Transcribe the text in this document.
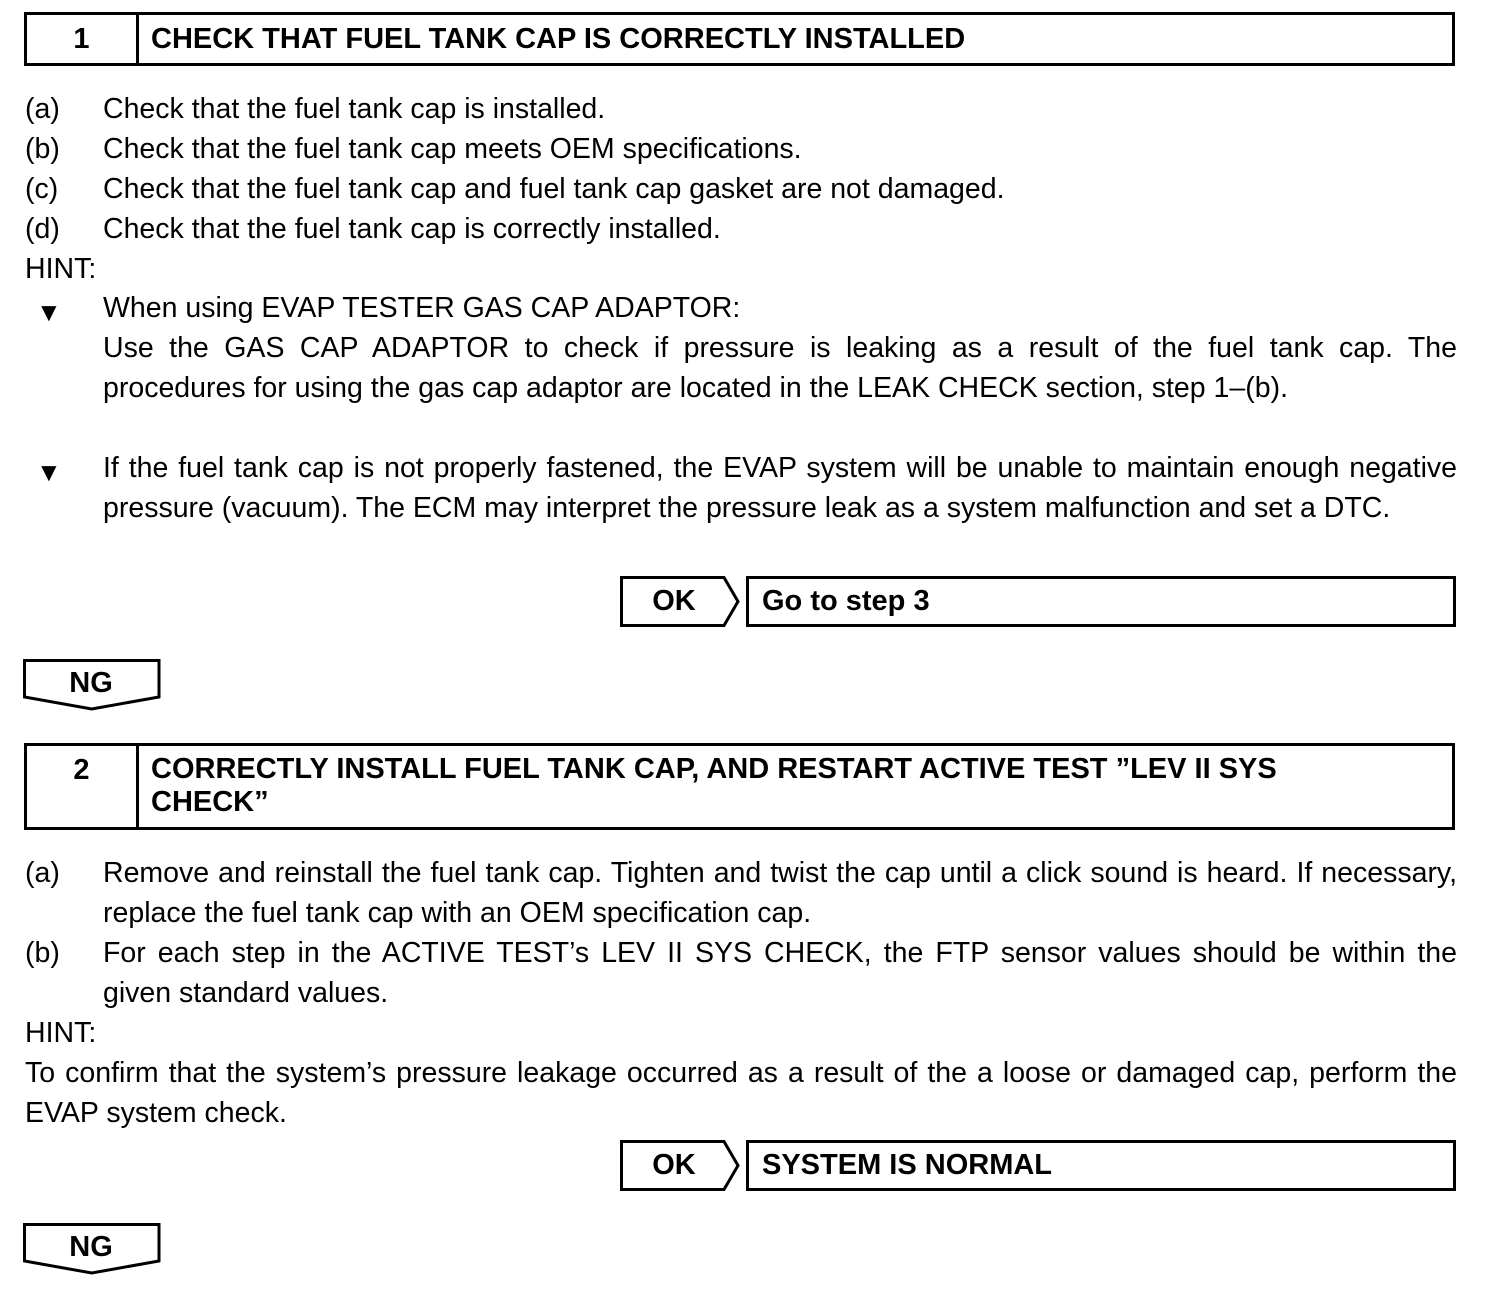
1	CHECK THAT FUEL TANK CAP IS CORRECTLY INSTALLED
(a) Check that the fuel tank cap is installed.
(b) Check that the fuel tank cap meets OEM specifications.
(c) Check that the fuel tank cap and fuel tank cap gasket are not damaged.
(d) Check that the fuel tank cap is correctly installed.
HINT:
▼ When using EVAP TESTER GAS CAP ADAPTOR:
Use the GAS CAP ADAPTOR to check if pressure is leaking as a result of the fuel tank cap. The procedures for using the gas cap adaptor are located in the LEAK CHECK section, step 1–(b).
▼ If the fuel tank cap is not properly fastened, the EVAP system will be unable to maintain enough negative pressure (vacuum). The ECM may interpret the pressure leak as a system malfunction and set a DTC.
OK	Go to step 3
NG
2	CORRECTLY INSTALL FUEL TANK CAP, AND RESTART ACTIVE TEST ”LEV II SYS CHECK”
(a) Remove and reinstall the fuel tank cap. Tighten and twist the cap until a click sound is heard. If necessary, replace the fuel tank cap with an OEM specification cap.
(b) For each step in the ACTIVE TEST’s LEV II SYS CHECK, the FTP sensor values should be within the given standard values.
HINT:
To confirm that the system’s pressure leakage occurred as a result of the a loose or damaged cap, perform the EVAP system check.
OK	SYSTEM IS NORMAL
NG
